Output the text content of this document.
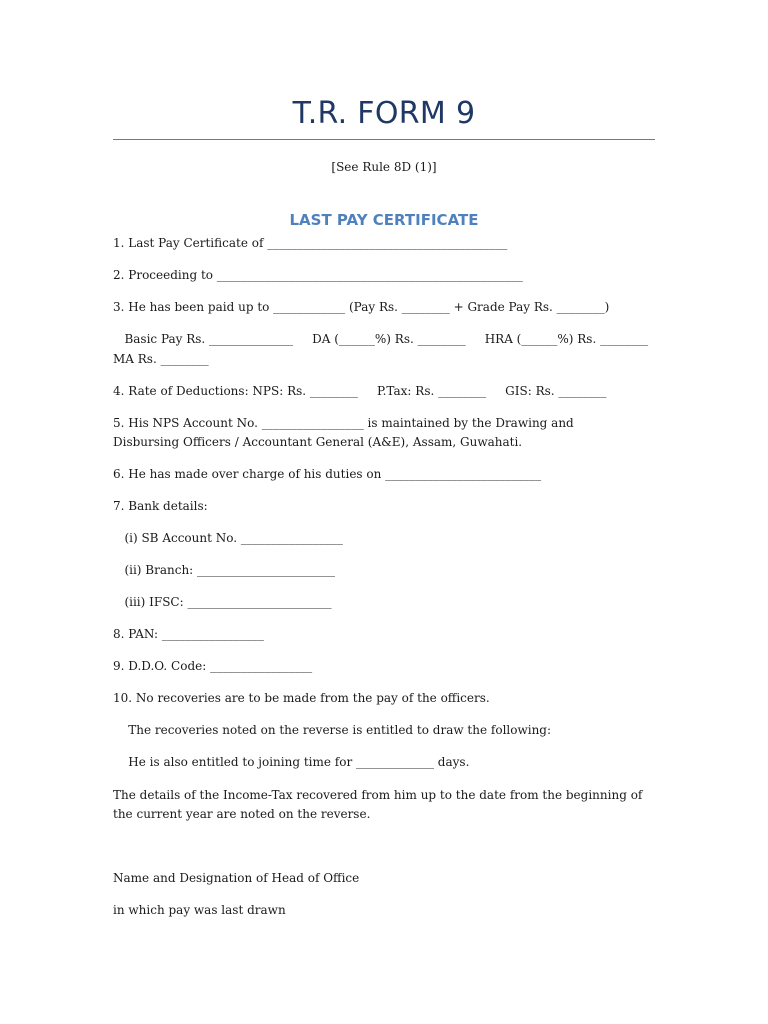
T.R. FORM 9
[See Rule 8D (1)]
LAST PAY CERTIFICATE
1. Last Pay Certificate of ________________________________________
2. Proceeding to ___________________________________________________
3. He has been paid up to ____________ (Pay Rs. ________ + Grade Pay Rs. ________)
Basic Pay Rs. ______________     DA (______%) Rs. ________     HRA (______%) Rs. ________
MA Rs. ________
4. Rate of Deductions: NPS: Rs. ________     P.Tax: Rs. ________     GIS: Rs. ________
5. His NPS Account No. _________________ is maintained by the Drawing and Disbursing Officers / Accountant General (A&E), Assam, Guwahati.
6. He has made over charge of his duties on __________________________
7. Bank details:
(i) SB Account No. _________________
(ii) Branch: _______________________
(iii) IFSC: ________________________
8. PAN: _________________
9. D.D.O. Code: _________________
10. No recoveries are to be made from the pay of the officers.
The recoveries noted on the reverse is entitled to draw the following:
He is also entitled to joining time for _____________ days.
The details of the Income-Tax recovered from him up to the date from the beginning of the current year are noted on the reverse.
Name and Designation of Head of Office
in which pay was last drawn
